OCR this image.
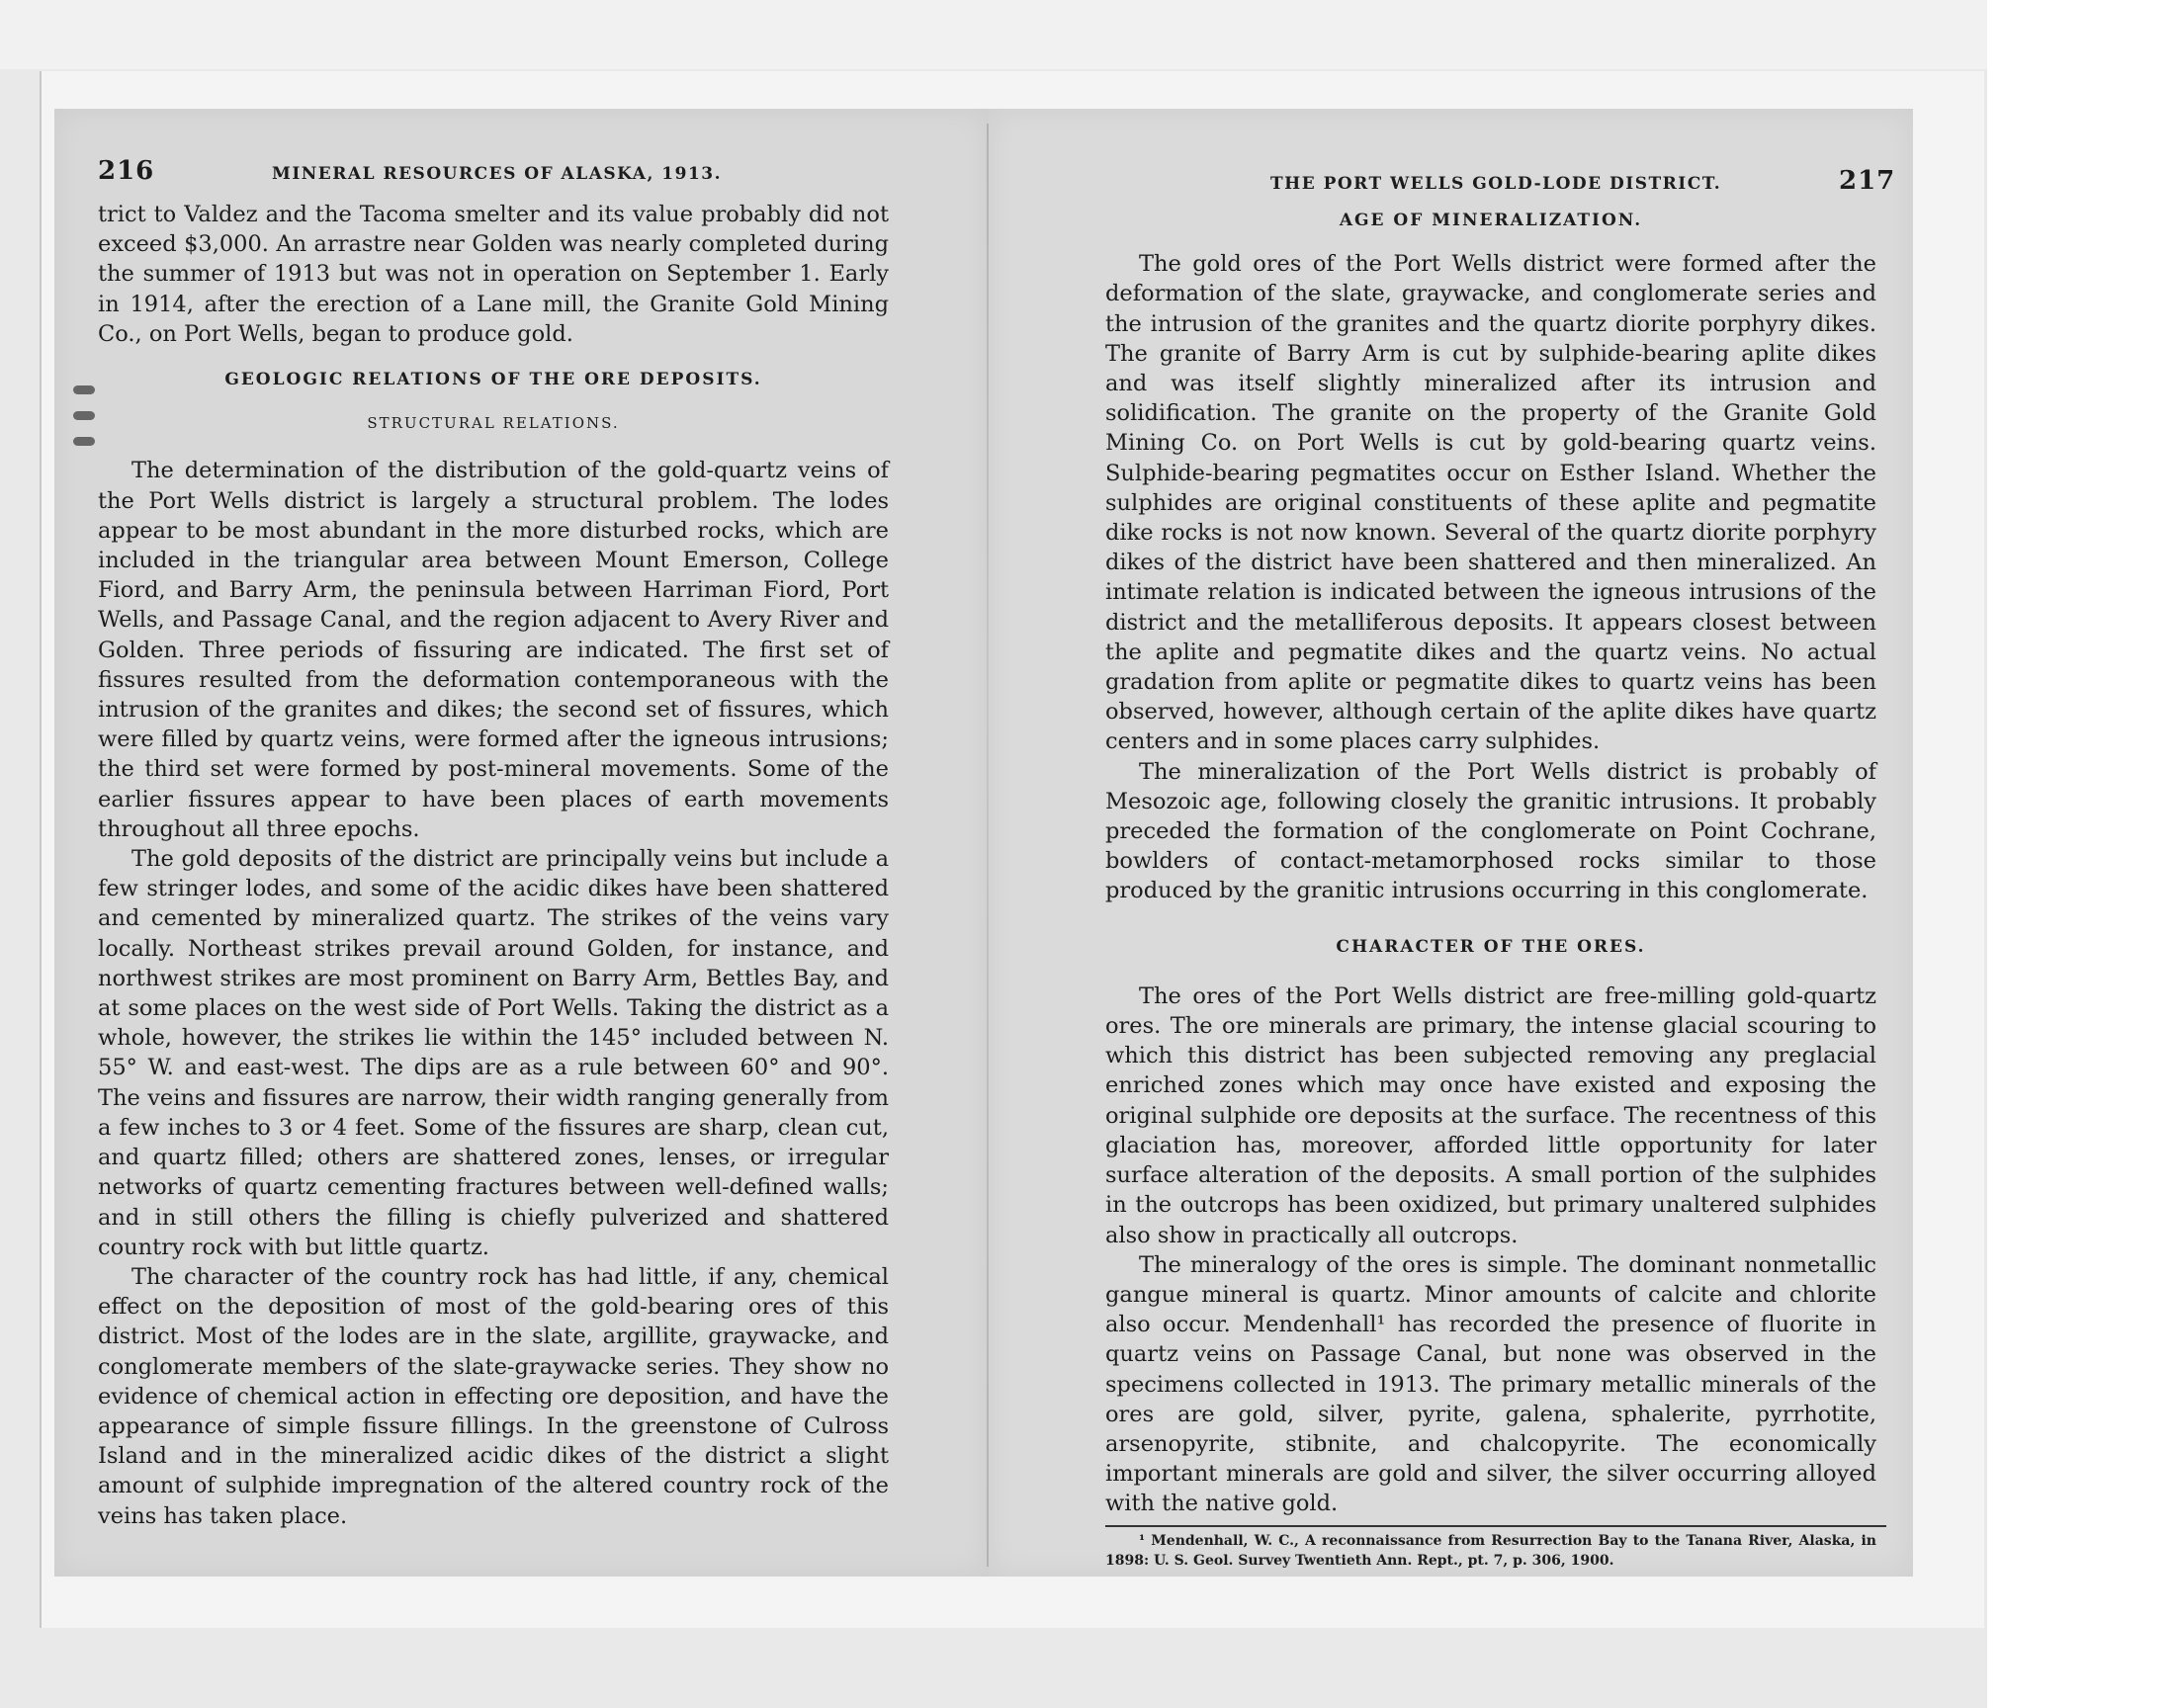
216	MINERAL RESOURCES OF ALASKA, 1913.

trict to Valdez and the Tacoma smelter and its value probably did not exceed $3,000. An arrastre near Golden was nearly completed during the summer of 1913 but was not in operation on September 1. Early in 1914, after the erection of a Lane mill, the Granite Gold Mining Co., on Port Wells, began to produce gold.

GEOLOGIC RELATIONS OF THE ORE DEPOSITS.
STRUCTURAL RELATIONS.

The determination of the distribution of the gold-quartz veins of the Port Wells district is largely a structural problem. The lodes appear to be most abundant in the more disturbed rocks, which are included in the triangular area between Mount Emerson, College Fiord, and Barry Arm, the peninsula between Harriman Fiord, Port Wells, and Passage Canal, and the region adjacent to Avery River and Golden. Three periods of fissuring are indicated. The first set of fissures resulted from the deformation contemporaneous with the intrusion of the granites and dikes; the second set of fissures, which were filled by quartz veins, were formed after the igneous intrusions; the third set were formed by post-mineral movements. Some of the earlier fissures appear to have been places of earth movements throughout all three epochs.

The gold deposits of the district are principally veins but include a few stringer lodes, and some of the acidic dikes have been shattered and cemented by mineralized quartz. The strikes of the veins vary locally. Northeast strikes prevail around Golden, for instance, and northwest strikes are most prominent on Barry Arm, Bettles Bay, and at some places on the west side of Port Wells. Taking the district as a whole, however, the strikes lie within the 145° included between N. 55° W. and east-west. The dips are as a rule between 60° and 90°. The veins and fissures are narrow, their width ranging generally from a few inches to 3 or 4 feet. Some of the fissures are sharp, clean cut, and quartz filled; others are shattered zones, lenses, or irregular networks of quartz cementing fractures between well-defined walls; and in still others the filling is chiefly pulverized and shattered country rock with but little quartz.

The character of the country rock has had little, if any, chemical effect on the deposition of most of the gold-bearing ores of this district. Most of the lodes are in the slate, argillite, graywacke, and conglomerate members of the slate-graywacke series. They show no evidence of chemical action in effecting ore deposition, and have the appearance of simple fissure fillings. In the greenstone of Culross Island and in the mineralized acidic dikes of the district a slight amount of sulphide impregnation of the altered country rock of the veins has taken place.

THE PORT WELLS GOLD-LODE DISTRICT.	217
AGE OF MINERALIZATION.

The gold ores of the Port Wells district were formed after the deformation of the slate, graywacke, and conglomerate series and the intrusion of the granites and the quartz diorite porphyry dikes. The granite of Barry Arm is cut by sulphide-bearing aplite dikes and was itself slightly mineralized after its intrusion and solidification. The granite on the property of the Granite Gold Mining Co. on Port Wells is cut by gold-bearing quartz veins. Sulphide-bearing pegmatites occur on Esther Island. Whether the sulphides are original constituents of these aplite and pegmatite dike rocks is not now known. Several of the quartz diorite porphyry dikes of the district have been shattered and then mineralized. An intimate relation is indicated between the igneous intrusions of the district and the metalliferous deposits. It appears closest between the aplite and pegmatite dikes and the quartz veins. No actual gradation from aplite or pegmatite dikes to quartz veins has been observed, however, although certain of the aplite dikes have quartz centers and in some places carry sulphides.

The mineralization of the Port Wells district is probably of Mesozoic age, following closely the granitic intrusions. It probably preceded the formation of the conglomerate on Point Cochrane, bowlders of contact-metamorphosed rocks similar to those produced by the granitic intrusions occurring in this conglomerate.

CHARACTER OF THE ORES.

The ores of the Port Wells district are free-milling gold-quartz ores. The ore minerals are primary, the intense glacial scouring to which this district has been subjected removing any preglacial enriched zones which may once have existed and exposing the original sulphide ore deposits at the surface. The recentness of this glaciation has, moreover, afforded little opportunity for later surface alteration of the deposits. A small portion of the sulphides in the outcrops has been oxidized, but primary unaltered sulphides also show in practically all outcrops.

The mineralogy of the ores is simple. The dominant nonmetallic gangue mineral is quartz. Minor amounts of calcite and chlorite also occur. Mendenhall¹ has recorded the presence of fluorite in quartz veins on Passage Canal, but none was observed in the specimens collected in 1913. The primary metallic minerals of the ores are gold, silver, pyrite, galena, sphalerite, pyrrhotite, arsenopyrite, stibnite, and chalcopyrite. The economically important minerals are gold and silver, the silver occurring alloyed with the native gold.

¹ Mendenhall, W. C., A reconnaissance from Resurrection Bay to the Tanana River, Alaska, in 1898: U. S. Geol. Survey Twentieth Ann. Rept., pt. 7, p. 306, 1900.
